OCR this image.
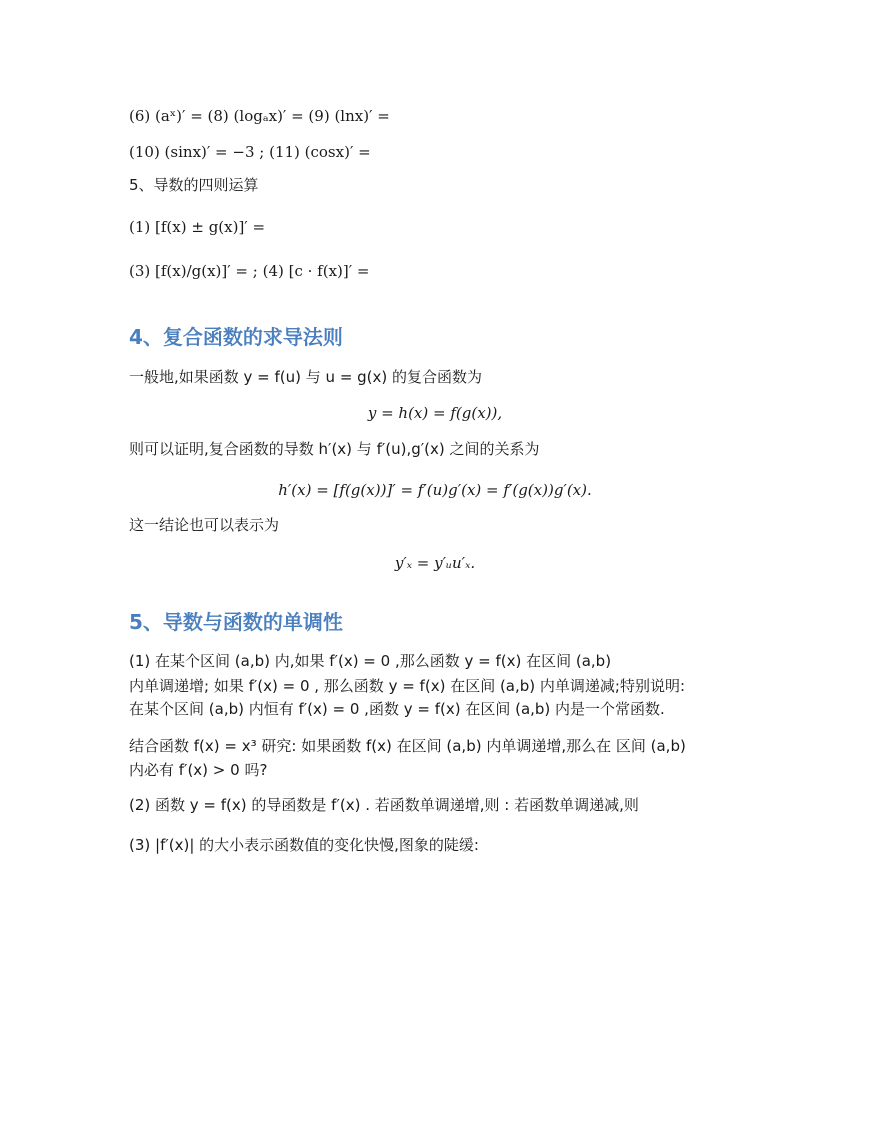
(6) (aˣ)′ = (8) (logₐx)′ = (9) (lnx)′ =
(10) (sinx)′ = −3 ; (11) (cosx)′ =
5、导数的四则运算
(1) [f(x) ± g(x)]′ =
(3) [f(x)/g(x)]′ = ; (4) [c · f(x)]′ =
4、复合函数的求导法则
一般地,如果函数 y = f(u) 与 u = g(x) 的复合函数为
y = h(x) = f(g(x)),
则可以证明,复合函数的导数 h′(x) 与 f′(u),g′(x) 之间的关系为
h′(x) = [f(g(x))]′ = f′(u)g′(x) = f′(g(x))g′(x).
这一结论也可以表示为
y′ₓ = y′ᵤu′ₓ.
5、导数与函数的单调性
(1) 在某个区间 (a,b) 内,如果 f′(x) = 0 ,那么函数 y = f(x) 在区间 (a,b)
内单调递增; 如果 f′(x) = 0 , 那么函数 y = f(x) 在区间 (a,b) 内单调递减;特别说明:
在某个区间 (a,b) 内恒有 f′(x) = 0 ,函数 y = f(x) 在区间 (a,b) 内是一个常函数.
结合函数 f(x) = x³ 研究: 如果函数 f(x) 在区间 (a,b) 内单调递增,那么在 区间 (a,b)
内必有 f′(x) > 0 吗?
(2) 函数 y = f(x) 的导函数是 f′(x) . 若函数单调递增,则 : 若函数单调递减,则
(3) |f′(x)| 的大小表示函数值的变化快慢,图象的陡缓:
